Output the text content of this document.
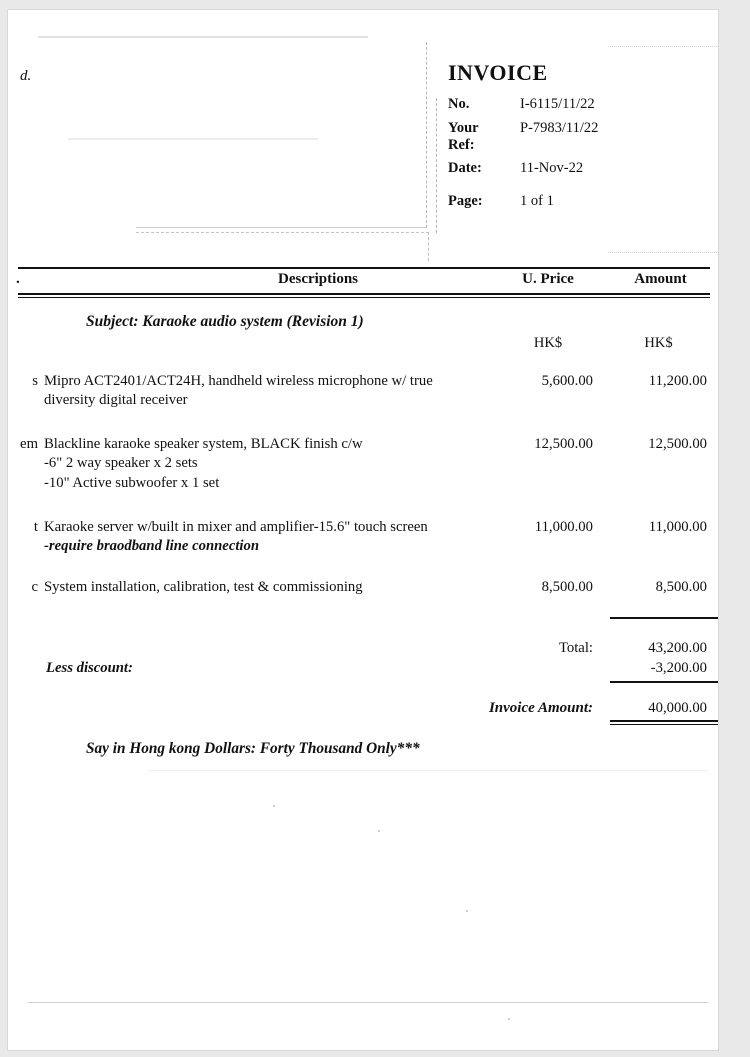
d.	INVOICE
No.	I-6115/11/22
Your Ref:
P-7983/11/22
Date:	11-Nov-22
Page:	1 of 1
.	Descriptions	U. Price	Amount
Subject: Karaoke audio system (Revision 1)
HK$	HK$
s Mipro ACT2401/ACT24H, handheld wireless microphone w/ true
diversity digital receiver
5,600.00	11,200.00
em Blackline karaoke speaker system, BLACK finish c/w
-6" 2 way speaker x 2 sets
-10" Active subwoofer x 1 set
12,500.00	12,500.00
t Karaoke server w/built in mixer and amplifier-15.6" touch screen
-require braodband line connection
11,000.00	11,000.00
c System installation, calibration, test & commissioning	8,500.00	8,500.00
Total:	43,200.00
Less discount:	-3,200.00
Invoice Amount:	40,000.00
Say in Hong kong Dollars: Forty Thousand Only***
